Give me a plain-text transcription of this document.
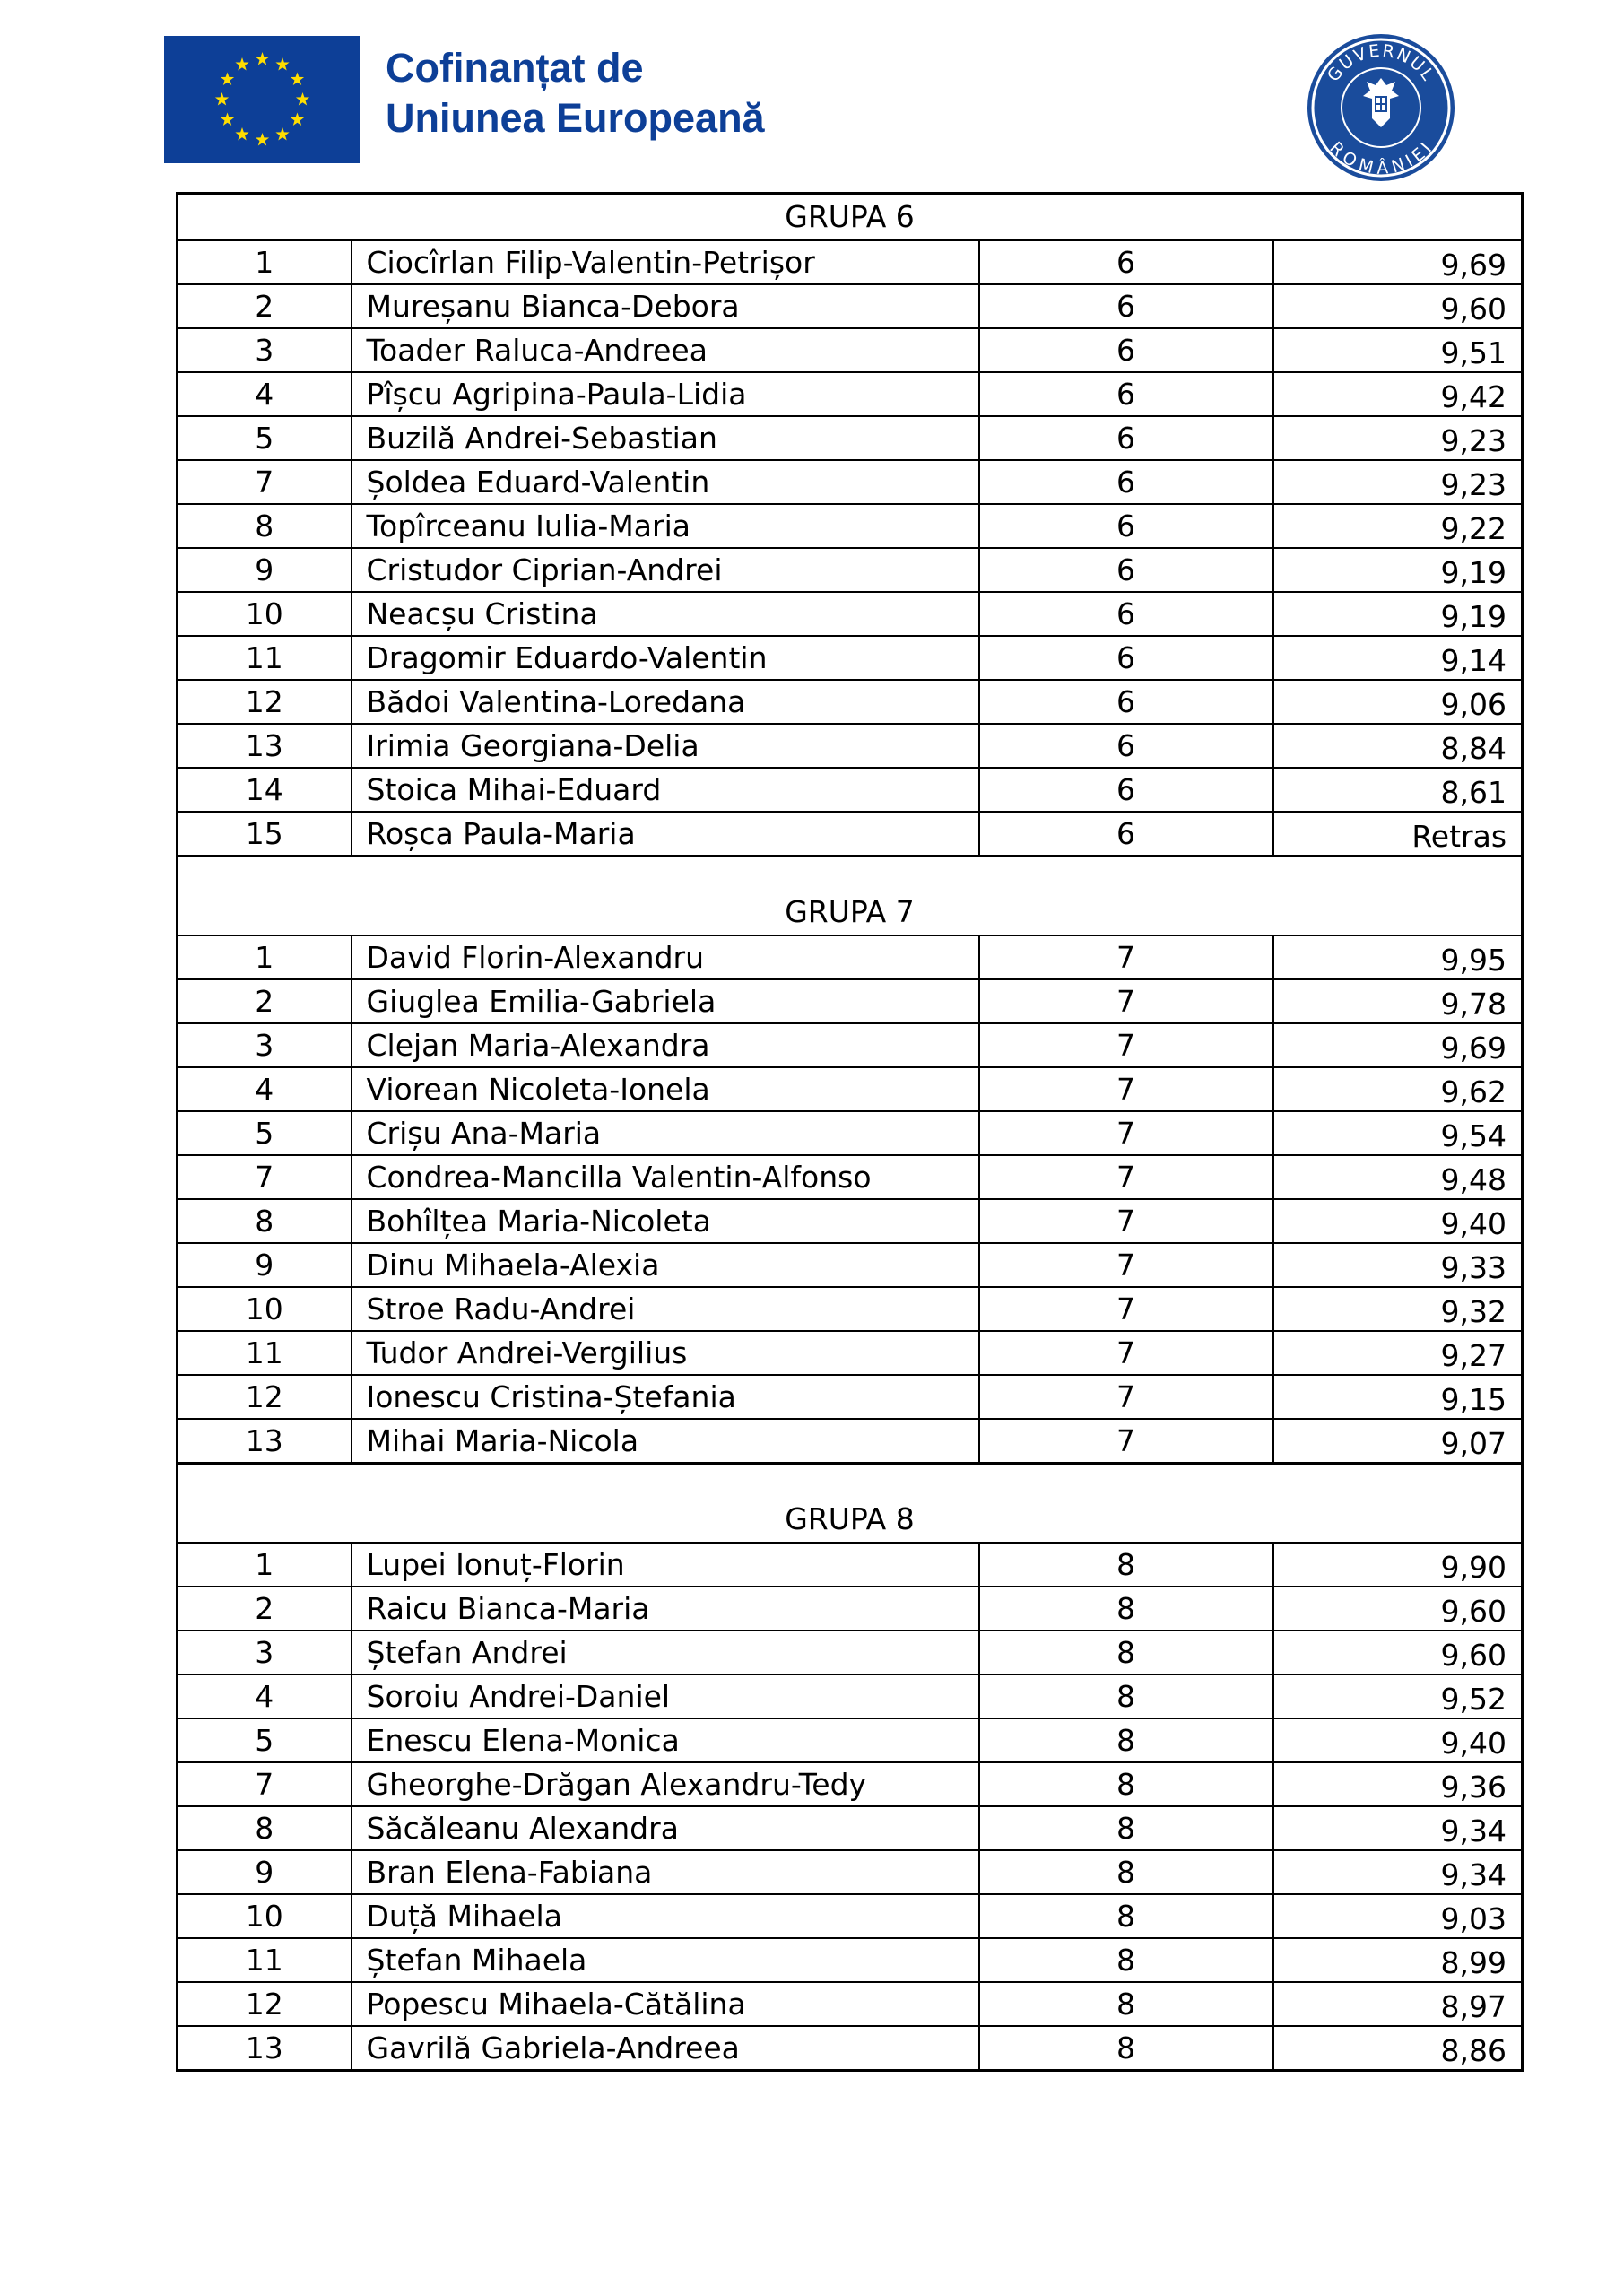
Cofinanțat de
Uniunea Europeană
GUVERNUL
ROMÂNIEI
GRUPA 6			
1	Ciocîrlan Filip-Valentin-Petrișor	6	9,69
2	Mureșanu Bianca-Debora	6	9,60
3	Toader Raluca-Andreea	6	9,51
4	Pîșcu Agripina-Paula-Lidia	6	9,42
5	Buzilă Andrei-Sebastian	6	9,23
7	Șoldea Eduard-Valentin	6	9,23
8	Topîrceanu Iulia-Maria	6	9,22
9	Cristudor Ciprian-Andrei	6	9,19
10	Neacșu Cristina	6	9,19
11	Dragomir Eduardo-Valentin	6	9,14
12	Bădoi Valentina-Loredana	6	9,06
13	Irimia Georgiana-Delia	6	8,84
14	Stoica Mihai-Eduard	6	8,61
15	Roșca Paula-Maria	6	Retras

GRUPA 7			
1	David Florin-Alexandru	7	9,95
2	Giuglea Emilia-Gabriela	7	9,78
3	Clejan Maria-Alexandra	7	9,69
4	Viorean Nicoleta-Ionela	7	9,62
5	Crișu Ana-Maria	7	9,54
7	Condrea-Mancilla Valentin-Alfonso	7	9,48
8	Bohîlțea Maria-Nicoleta	7	9,40
9	Dinu Mihaela-Alexia	7	9,33
10	Stroe Radu-Andrei	7	9,32
11	Tudor Andrei-Vergilius	7	9,27
12	Ionescu Cristina-Ștefania	7	9,15
13	Mihai Maria-Nicola	7	9,07

GRUPA 8			
1	Lupei Ionuț-Florin	8	9,90
2	Raicu Bianca-Maria	8	9,60
3	Ștefan Andrei	8	9,60
4	Soroiu Andrei-Daniel	8	9,52
5	Enescu Elena-Monica	8	9,40
7	Gheorghe-Drăgan Alexandru-Tedy	8	9,36
8	Săcăleanu Alexandra	8	9,34
9	Bran Elena-Fabiana	8	9,34
10	Duță Mihaela	8	9,03
11	Ștefan Mihaela	8	8,99
12	Popescu Mihaela-Cătălina	8	8,97
13	Gavrilă Gabriela-Andreea	8	8,86
